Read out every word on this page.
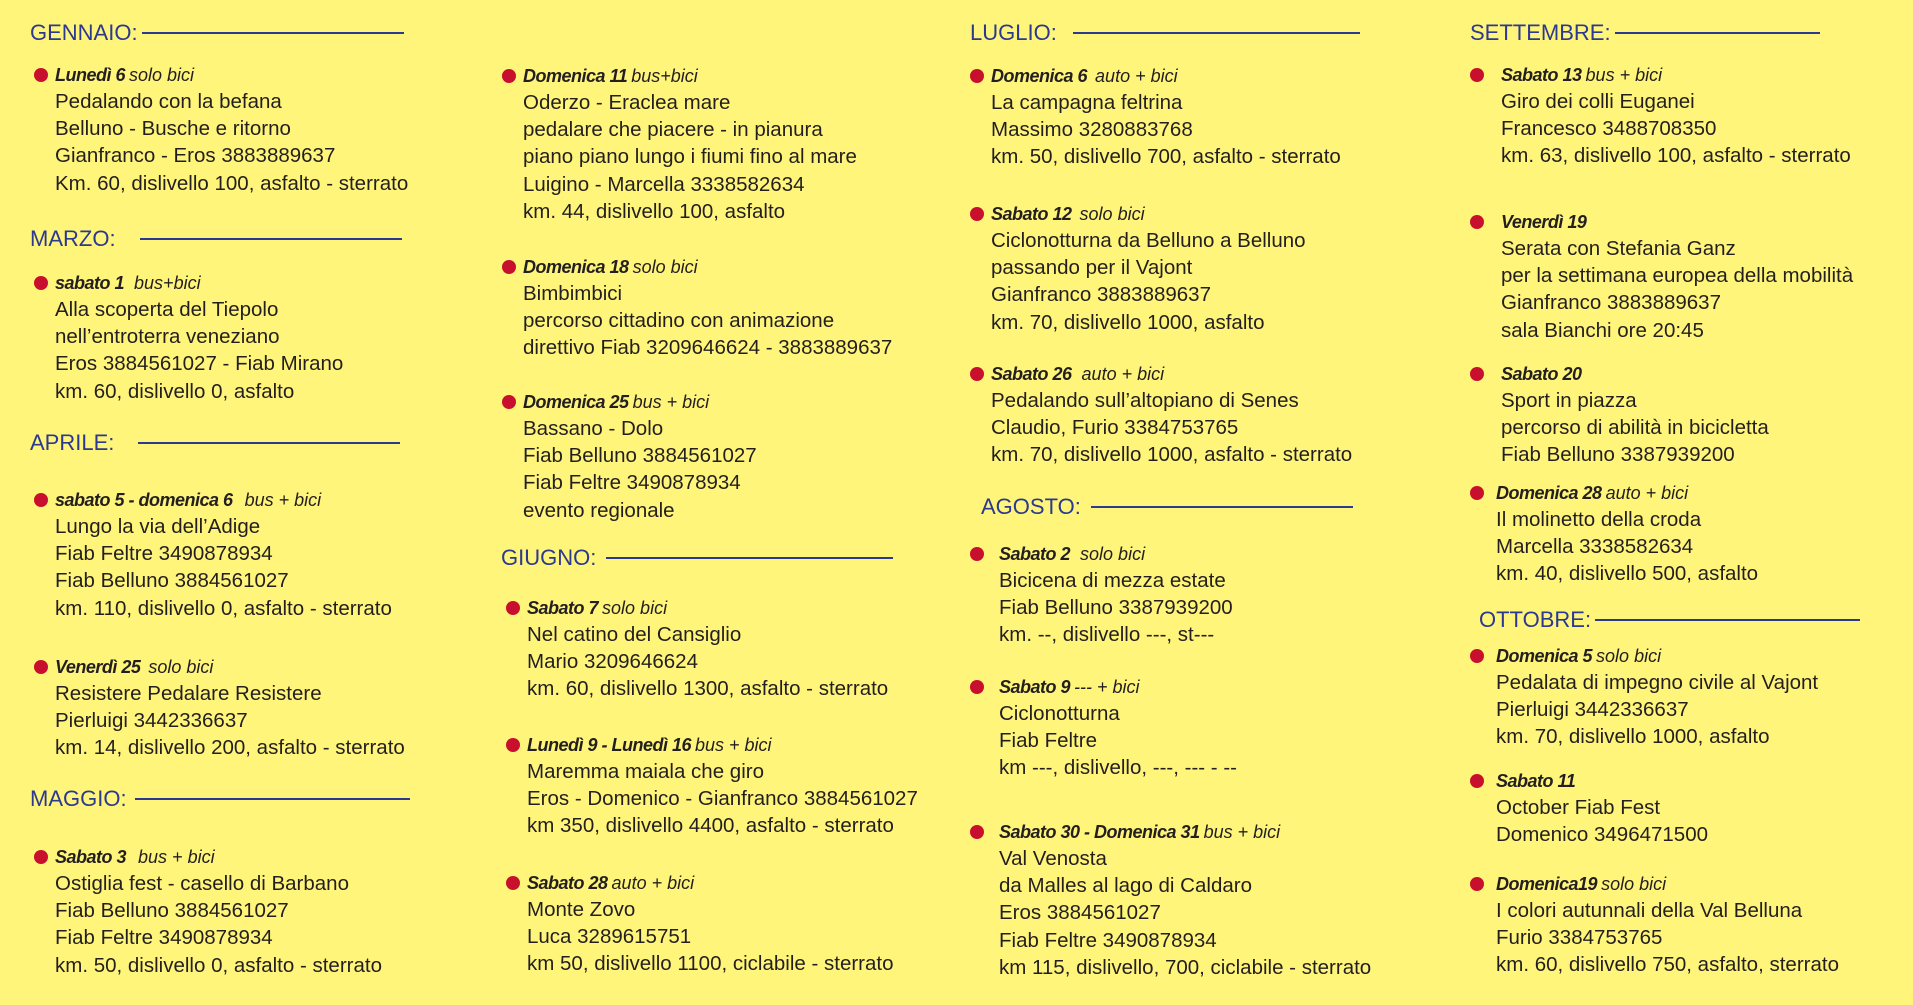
GENNAIO:
MARZO:
APRILE:
MAGGIO:
GIUGNO:
LUGLIO:
AGOSTO:
SETTEMBRE:
OTTOBRE:
Lunedì 6 solo bici
Pedalando con la befana
Belluno - Busche e ritorno
Gianfranco - Eros 3883889637
Km. 60, dislivello 100, asfalto - sterrato
sabato 1 bus+bici
Alla scoperta del Tiepolo
nell’entroterra veneziano
Eros 3884561027 - Fiab Mirano
km. 60, dislivello 0, asfalto
sabato 5 - domenica 6 bus + bici
Lungo la via dell’Adige
Fiab Feltre 3490878934
Fiab Belluno 3884561027
km. 110, dislivello 0, asfalto - sterrato
Venerdì 25 solo bici
Resistere Pedalare Resistere
Pierluigi 3442336637
km. 14, dislivello 200, asfalto - sterrato
Sabato 3 bus + bici
Ostiglia fest - casello di Barbano
Fiab Belluno 3884561027
Fiab Feltre 3490878934
km. 50, dislivello 0, asfalto - sterrato
Domenica 11 bus+bici
Oderzo - Eraclea mare
pedalare che piacere - in pianura
piano piano lungo i fiumi fino al mare
Luigino - Marcella 3338582634
km. 44, dislivello 100, asfalto
Domenica 18 solo bici
Bimbimbici
percorso cittadino con animazione
direttivo Fiab 3209646624 - 3883889637
Domenica 25 bus + bici
Bassano - Dolo
Fiab Belluno 3884561027
Fiab Feltre 3490878934
evento regionale
Sabato 7 solo bici
Nel catino del Cansiglio
Mario 3209646624
km. 60, dislivello 1300, asfalto - sterrato
Lunedì 9 - Lunedì 16 bus + bici
Maremma maiala che giro
Eros - Domenico - Gianfranco 3884561027
km 350, dislivello 4400, asfalto - sterrato
Sabato 28 auto + bici
Monte Zovo
Luca 3289615751
km 50, dislivello 1100, ciclabile - sterrato
Domenica 6 auto + bici
La campagna feltrina
Massimo 3280883768
km. 50, dislivello 700, asfalto - sterrato
Sabato 12 solo bici
Ciclonotturna da Belluno a Belluno
passando per il Vajont
Gianfranco 3883889637
km. 70, dislivello 1000, asfalto
Sabato 26 auto + bici
Pedalando sull’altopiano di Senes
Claudio, Furio 3384753765
km. 70, dislivello 1000, asfalto - sterrato
Sabato 2 solo bici
Bicicena di mezza estate
Fiab Belluno 3387939200
km. --, dislivello ---, st---
Sabato 9 --- + bici
Ciclonotturna
Fiab Feltre
km ---, dislivello, ---, --- - --
Sabato 30 - Domenica 31 bus + bici
Val Venosta
da Malles al lago di Caldaro
Eros 3884561027
Fiab Feltre 3490878934
km 115, dislivello, 700, ciclabile - sterrato
Sabato 13 bus + bici
Giro dei colli Euganei
Francesco 3488708350
km. 63, dislivello 100, asfalto - sterrato
Venerdì 19
Serata con Stefania Ganz
per la settimana europea della mobilità
Gianfranco 3883889637
sala Bianchi ore 20:45
Sabato 20
Sport in piazza
percorso di abilità in bicicletta
Fiab Belluno 3387939200
Domenica 28 auto + bici
Il molinetto della croda
Marcella 3338582634
km. 40, dislivello 500, asfalto
Domenica 5 solo bici
Pedalata di impegno civile al Vajont
Pierluigi 3442336637
km. 70, dislivello 1000, asfalto
Sabato 11
October Fiab Fest
Domenico 3496471500
Domenica19 solo bici
I colori autunnali della Val Belluna
Furio 3384753765
km. 60, dislivello 750, asfalto, sterrato
